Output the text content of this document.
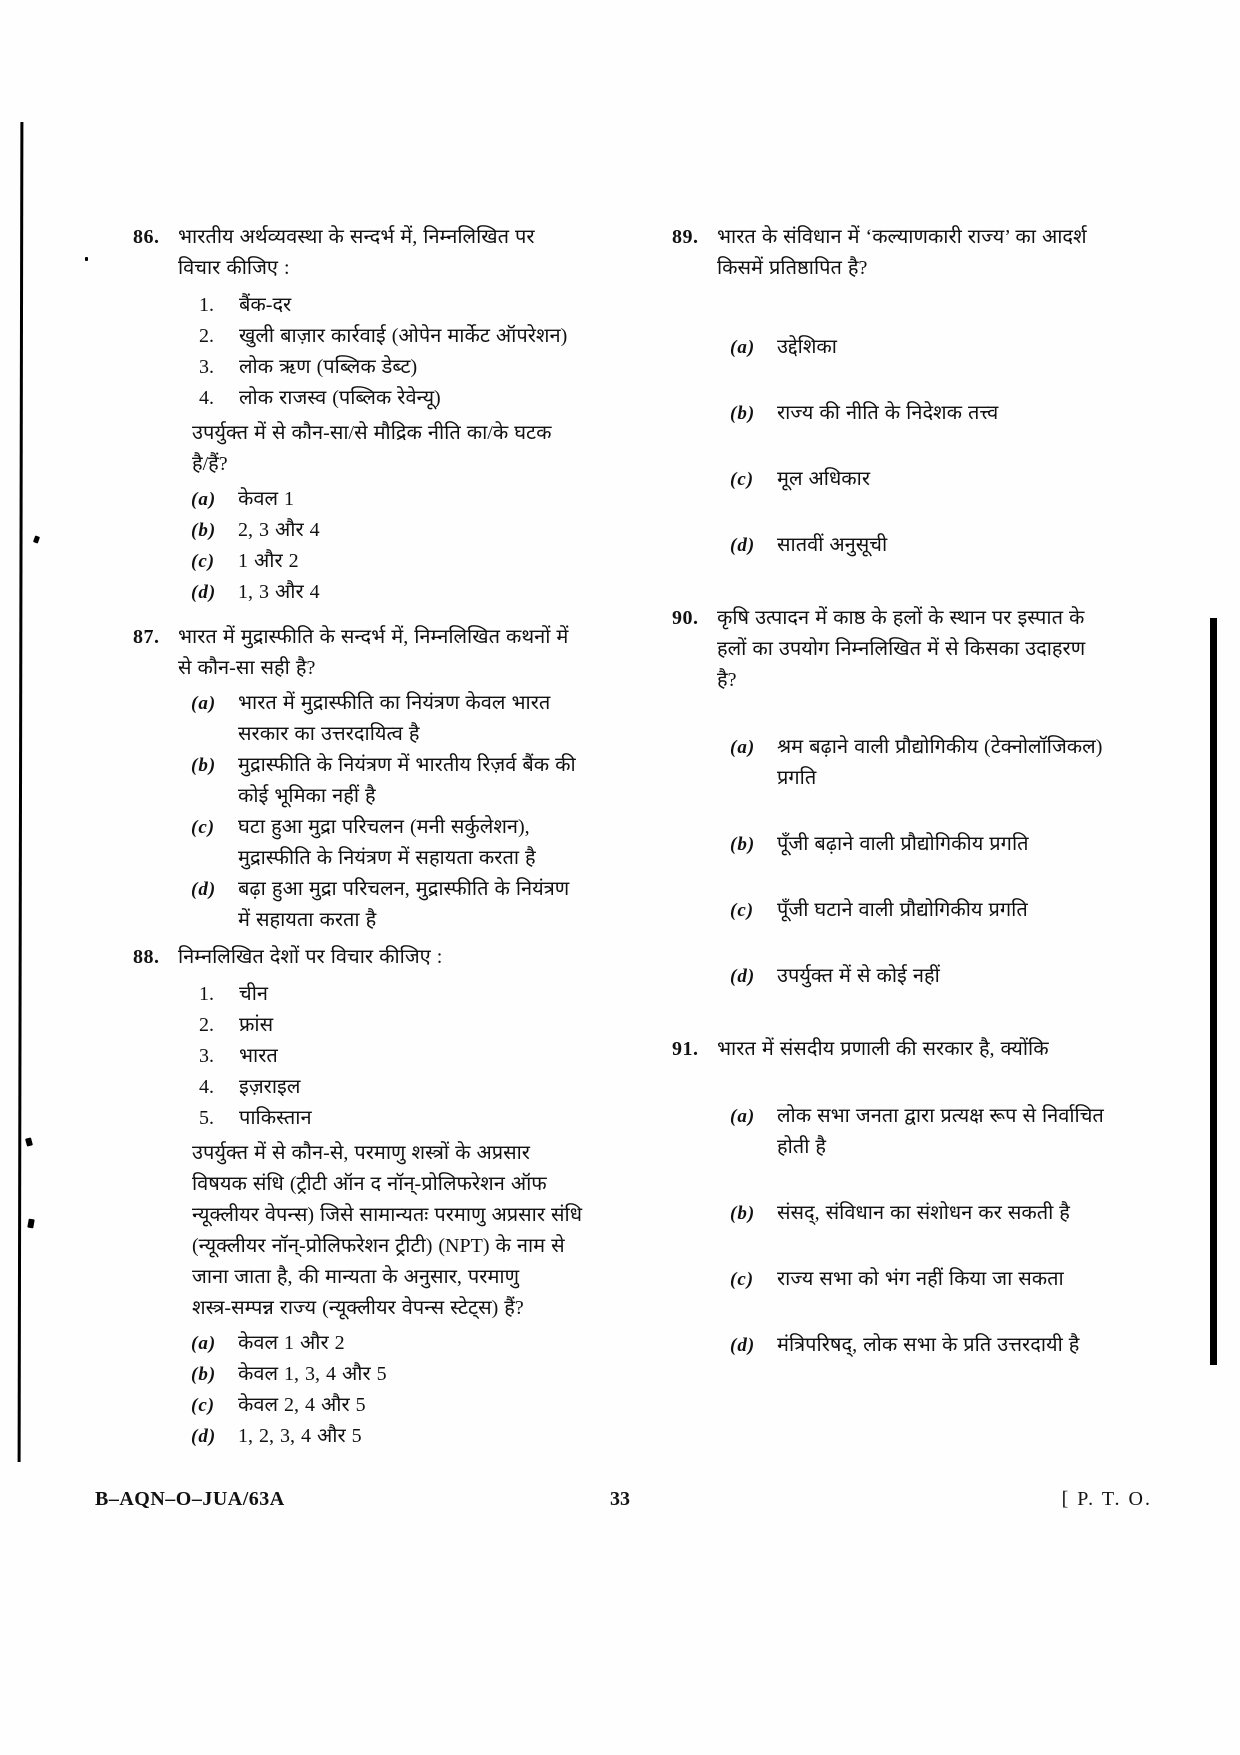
86. भारतीय अर्थव्यवस्था के सन्दर्भ में, निम्नलिखित पर
विचार कीजिए :
1. बैंक-दर
2. खुली बाज़ार कार्रवाई (ओपेन मार्केट ऑपरेशन)
3. लोक ऋण (पब्लिक डेब्ट)
4. लोक राजस्व (पब्लिक रेवेन्यू)
उपर्युक्त में से कौन-सा/से मौद्रिक नीति का/के घटक
है/हैं?
(a) केवल 1
(b) 2, 3 और 4
(c) 1 और 2
(d) 1, 3 और 4
87. भारत में मुद्रास्फीति के सन्दर्भ में, निम्नलिखित कथनों में
से कौन-सा सही है?
(a) भारत में मुद्रास्फीति का नियंत्रण केवल भारत
सरकार का उत्तरदायित्व है
(b) मुद्रास्फीति के नियंत्रण में भारतीय रिज़र्व बैंक की
कोई भूमिका नहीं है
(c) घटा हुआ मुद्रा परिचलन (मनी सर्कुलेशन),
मुद्रास्फीति के नियंत्रण में सहायता करता है
(d) बढ़ा हुआ मुद्रा परिचलन, मुद्रास्फीति के नियंत्रण
में सहायता करता है
88. निम्नलिखित देशों पर विचार कीजिए :
1. चीन
2. फ्रांस
3. भारत
4. इज़राइल
5. पाकिस्तान
उपर्युक्त में से कौन-से, परमाणु शस्त्रों के अप्रसार
विषयक संधि (ट्रीटी ऑन द नॉन्-प्रोलिफरेशन ऑफ
न्यूक्लीयर वेपन्स) जिसे सामान्यतः परमाणु अप्रसार संधि
(न्यूक्लीयर नॉन्-प्रोलिफरेशन ट्रीटी) (NPT) के नाम से
जाना जाता है, की मान्यता के अनुसार, परमाणु
शस्त्र-सम्पन्न राज्य (न्यूक्लीयर वेपन्स स्टेट्स) हैं?
(a) केवल 1 और 2
(b) केवल 1, 3, 4 और 5
(c) केवल 2, 4 और 5
(d) 1, 2, 3, 4 और 5
89. भारत के संविधान में ‘कल्याणकारी राज्य’ का आदर्श
किसमें प्रतिष्ठापित है?
(a) उद्देशिका
(b) राज्य की नीति के निदेशक तत्त्व
(c) मूल अधिकार
(d) सातवीं अनुसूची
90. कृषि उत्पादन में काष्ठ के हलों के स्थान पर इस्पात के
हलों का उपयोग निम्नलिखित में से किसका उदाहरण
है?
(a) श्रम बढ़ाने वाली प्रौद्योगिकीय (टेक्नोलॉजिकल)
प्रगति
(b) पूँजी बढ़ाने वाली प्रौद्योगिकीय प्रगति
(c) पूँजी घटाने वाली प्रौद्योगिकीय प्रगति
(d) उपर्युक्त में से कोई नहीं
91. भारत में संसदीय प्रणाली की सरकार है, क्योंकि
(a) लोक सभा जनता द्वारा प्रत्यक्ष रूप से निर्वाचित
होती है
(b) संसद्, संविधान का संशोधन कर सकती है
(c) राज्य सभा को भंग नहीं किया जा सकता
(d) मंत्रिपरिषद्, लोक सभा के प्रति उत्तरदायी है
B–AQN–O–JUA/63A	33	[ P. T. O.
